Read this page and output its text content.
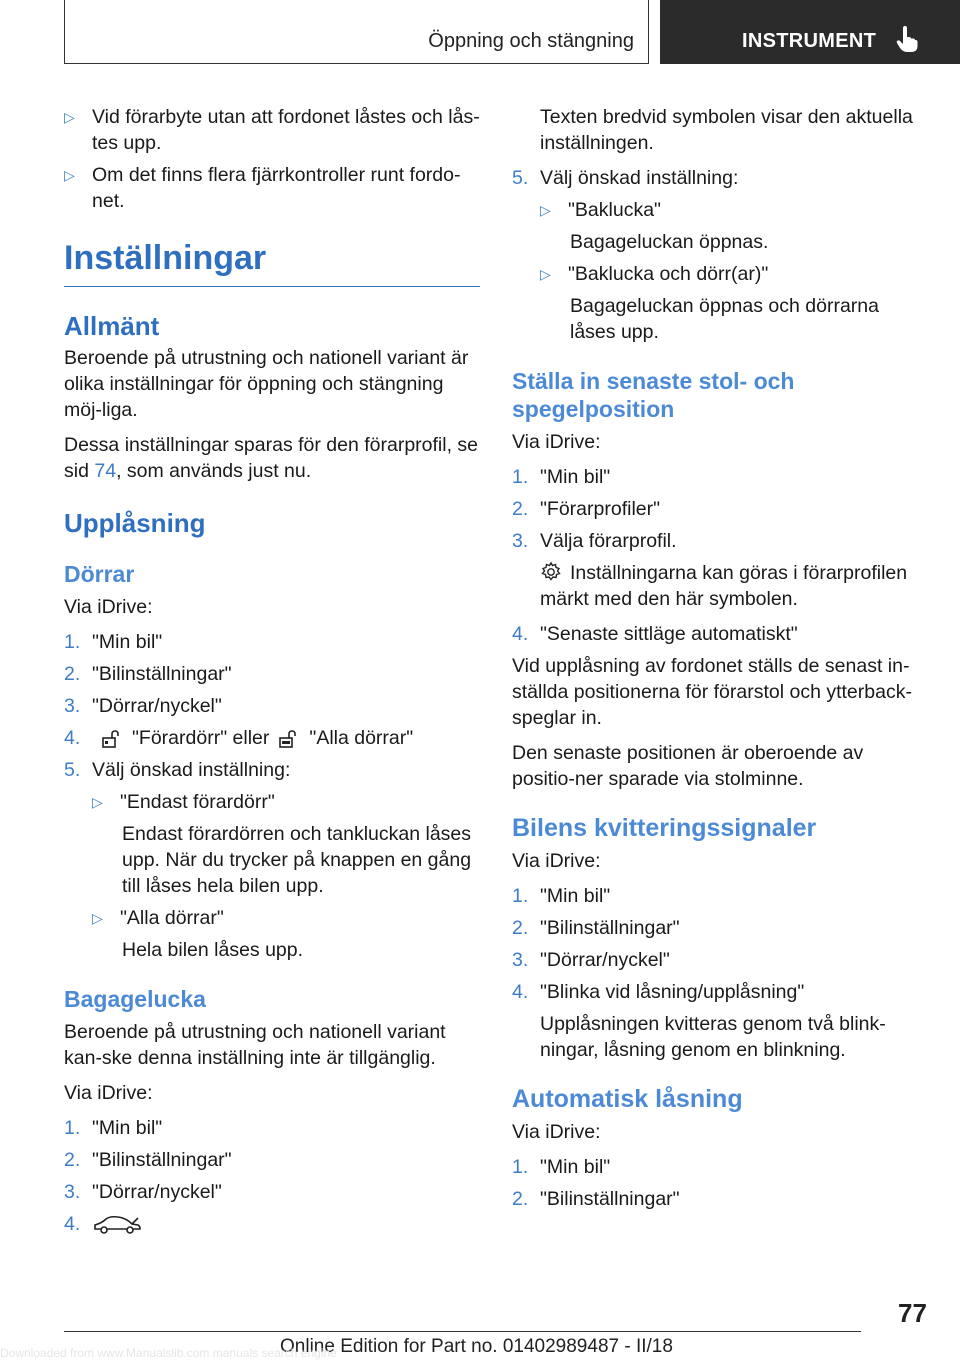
Öppning och stängning	INSTRUMENT
▷ Vid förarbyte utan att fordonet låstes och lås-tes upp.
▷ Om det finns flera fjärrkontroller runt fordo-net.
Inställningar
Allmänt

Beroende på utrustning och nationell variant är olika inställningar för öppning och stängning möj-liga.

Dessa inställningar sparas för den förarprofil, se sid 74, som används just nu.

Upplåsning
Dörrar

Via iDrive:

1. "Min bil"
2. "Bilinställningar"
3. "Dörrar/nyckel"
4.	"Förardörr" eller "Alla dörrar"
5. Välj önskad inställning:
▷ "Endast förardörr"

Endast förardörren och tankluckan låses upp. När du trycker på knappen en gång till låses hela bilen upp.

▷ "Alla dörrar"

Hela bilen låses upp.

Bagagelucka

Beroende på utrustning och nationell variant kan-ske denna inställning inte är tillgänglig.

Via iDrive:

1. "Min bil"
2. "Bilinställningar"
3. "Dörrar/nyckel"
4.

Texten bredvid symbolen visar den aktuella inställningen.

5. Välj önskad inställning:
▷ "Baklucka"

Bagageluckan öppnas.

▷ "Baklucka och dörr(ar)"

Bagageluckan öppnas och dörrarna låses upp.

Ställa in senaste stol- och spegelposition

Via iDrive:

1. "Min bil"
2. "Förarprofiler"
3. Välja förarprofil.

Inställningarna kan göras i förarprofilen märkt med den här symbolen.

4. "Senaste sittläge automatiskt"

Vid upplåsning av fordonet ställs de senast in-ställda positionerna för förarstol och ytterback-speglar in.

Den senaste positionen är oberoende av positio-ner sparade via stolminne.

Bilens kvitteringssignaler

Via iDrive:

1. "Min bil"
2. "Bilinställningar"
3. "Dörrar/nyckel"
4. "Blinka vid låsning/upplåsning"

Upplåsningen kvitteras genom två blink-ningar, låsning genom en blinkning.

Automatisk låsning

Via iDrive:

1. "Min bil"
2. "Bilinställningar"
77
Online Edition for Part no. 01402989487 - II/18
Downloaded from www.Manualslib.com manuals search engine
